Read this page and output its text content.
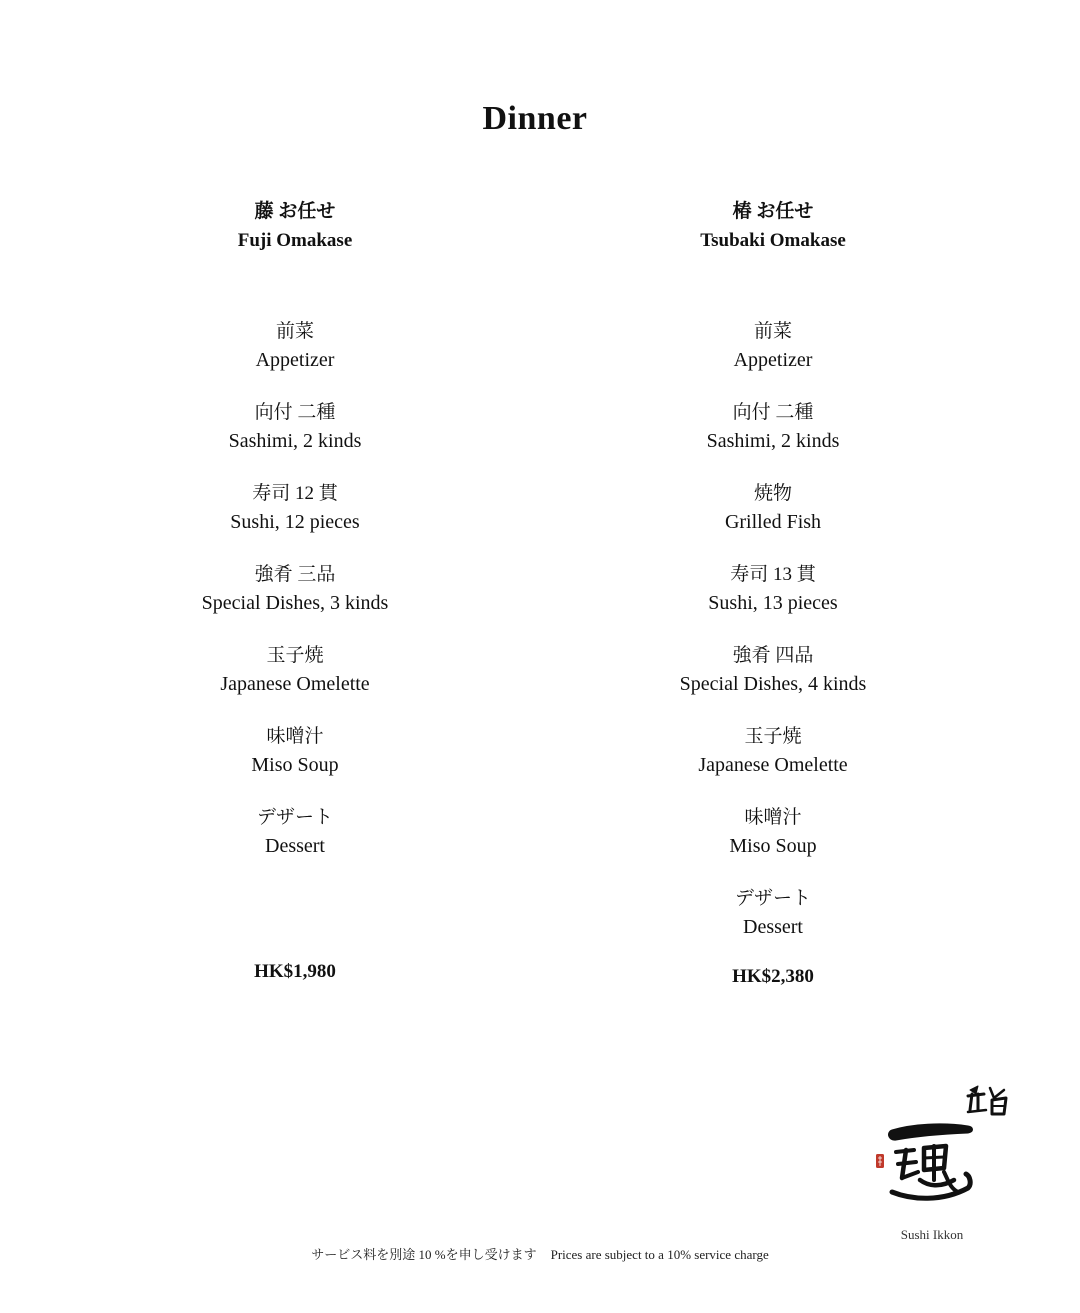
Dinner
藤 お任せ
Fuji Omakase
前菜
Appetizer
向付 二種
Sashimi, 2 kinds
寿司 12 貫
Sushi, 12 pieces
強肴 三品
Special Dishes, 3 kinds
玉子焼
Japanese Omelette
味噌汁
Miso Soup
デザート
Dessert
HK$1,980
椿 お任せ
Tsubaki Omakase
前菜
Appetizer
向付 二種
Sashimi, 2 kinds
焼物
Grilled Fish
寿司 13 貫
Sushi, 13 pieces
強肴 四品
Special Dishes, 4 kinds
玉子焼
Japanese Omelette
味噌汁
Miso Soup
デザート
Dessert
HK$2,380
Sushi Ikkon
サービス料を別途 10 %を申し受けます Prices are subject to a 10% service charge
